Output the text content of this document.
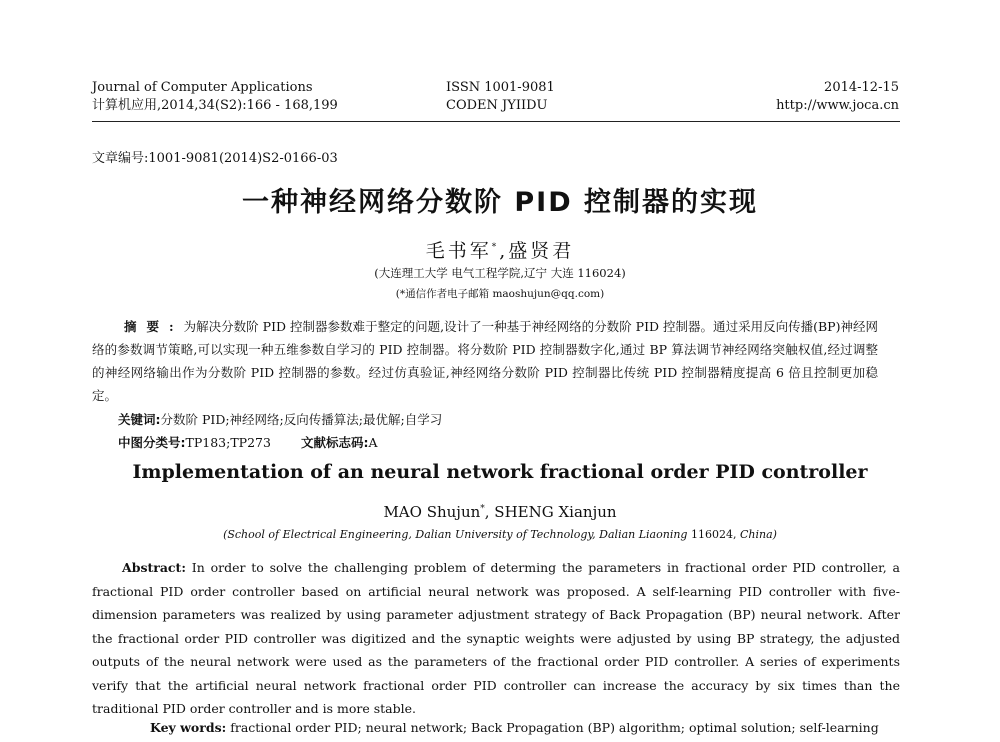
Journal of Computer Applications
计算机应用,2014,34(S2):166 - 168,199
ISSN 1001-9081
CODEN JYIIDU
2014-12-15
http://www.joca.cn
文章编号:1001-9081(2014)S2-0166-03
一种神经网络分数阶 PID 控制器的实现
毛书军*,盛贤君
(大连理工大学 电气工程学院,辽宁 大连 116024)
(*通信作者电子邮箱 maoshujun@qq.com)
摘要:为解决分数阶 PID 控制器参数难于整定的问题,设计了一种基于神经网络的分数阶 PID 控制器。通过采用反向传播(BP)神经网络的参数调节策略,可以实现一种五维参数自学习的 PID 控制器。将分数阶 PID 控制器数字化,通过 BP 算法调节神经网络突触权值,经过调整的神经网络输出作为分数阶 PID 控制器的参数。经过仿真验证,神经网络分数阶 PID 控制器比传统 PID 控制器精度提高 6 倍且控制更加稳定。
关键词:分数阶 PID;神经网络;反向传播算法;最优解;自学习
中图分类号:TP183;TP273 文献标志码:A
Implementation of an neural network fractional order PID controller
MAO Shujun*, SHENG Xianjun
(School of Electrical Engineering, Dalian University of Technology, Dalian Liaoning 116024, China)

Abstract: In order to solve the challenging problem of determing the parameters in fractional order PID controller, a fractional PID order controller based on artificial neural network was proposed. A self-learning PID controller with five-dimension parameters was realized by using parameter adjustment strategy of Back Propagation (BP) neural network. After the fractional order PID controller was digitized and the synaptic weights were adjusted by using BP strategy, the adjusted outputs of the neural network were used as the parameters of the fractional order PID controller. A series of experiments verify that the artificial neural network fractional order PID controller can increase the accuracy by six times than the traditional PID order controller and is more stable.

Key words: fractional order PID; neural network; Back Propagation (BP) algorithm; optimal solution; self-learning
